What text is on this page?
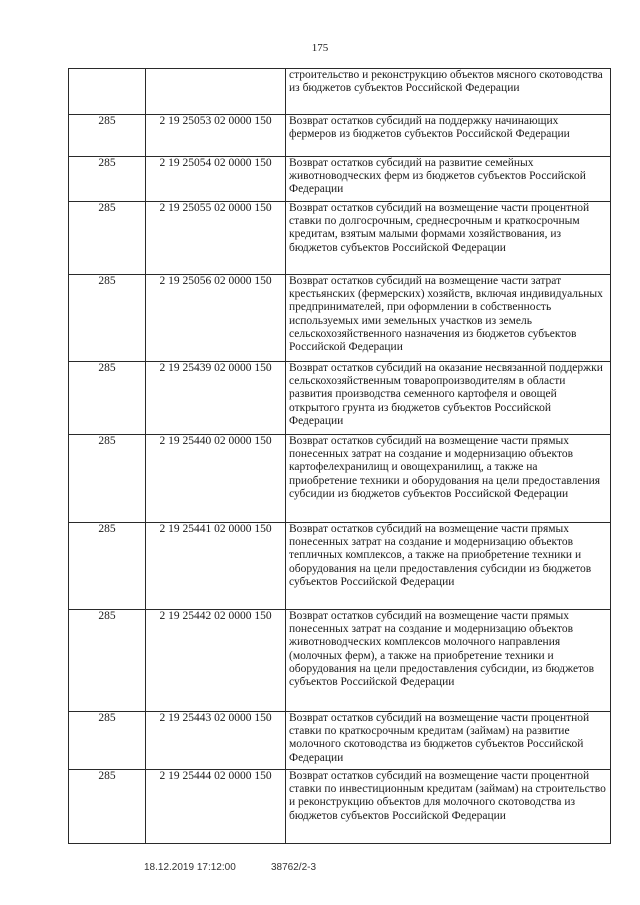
175
		строительство и реконструкцию объектов мясного скотоводства из бюджетов субъектов Российской Федерации
285	2 19 25053 02 0000 150	Возврат остатков субсидий на поддержку начинающих фермеров из бюджетов субъектов Российской Федерации
285	2 19 25054 02 0000 150	Возврат остатков субсидий на развитие семейных животноводческих ферм из бюджетов субъектов Российской Федерации
285	2 19 25055 02 0000 150	Возврат остатков субсидий на возмещение части процентной ставки по долгосрочным, среднесрочным и краткосрочным кредитам, взятым малыми формами хозяйствования, из бюджетов субъектов Российской Федерации
285	2 19 25056 02 0000 150	Возврат остатков субсидий на возмещение части затрат крестьянских (фермерских) хозяйств, включая индивидуальных предпринимателей, при оформлении в собственность используемых ими земельных участков из земель сельскохозяйственного назначения из бюджетов субъектов Российской Федерации
285	2 19 25439 02 0000 150	Возврат остатков субсидий на оказание несвязанной поддержки сельскохозяйственным товаропроизводителям в области развития производства семенного картофеля и овощей открытого грунта из бюджетов субъектов Российской Федерации
285	2 19 25440 02 0000 150	Возврат остатков субсидий на возмещение части прямых понесенных затрат на создание и модернизацию объектов картофелехранилищ и овощехранилищ, а также на приобретение техники и оборудования на цели предоставления субсидии из бюджетов субъектов Российской Федерации
285	2 19 25441 02 0000 150	Возврат остатков субсидий на возмещение части прямых понесенных затрат на создание и модернизацию объектов тепличных комплексов, а также на приобретение техники и оборудования на цели предоставления субсидии из бюджетов субъектов Российской Федерации
285	2 19 25442 02 0000 150	Возврат остатков субсидий на возмещение части прямых понесенных затрат на создание и модернизацию объектов животноводческих комплексов молочного направления (молочных ферм), а также на приобретение техники и оборудования на цели предоставления субсидии, из бюджетов субъектов Российской Федерации
285	2 19 25443 02 0000 150	Возврат остатков субсидий на возмещение части процентной ставки по краткосрочным кредитам (займам) на развитие молочного скотоводства из бюджетов субъектов Российской Федерации
285	2 19 25444 02 0000 150	Возврат остатков субсидий на возмещение части процентной ставки по инвестиционным кредитам (займам) на строительство и реконструкцию объектов для молочного скотоводства из бюджетов субъектов Российской Федерации
18.12.2019 17:12:00	38762/2-3
